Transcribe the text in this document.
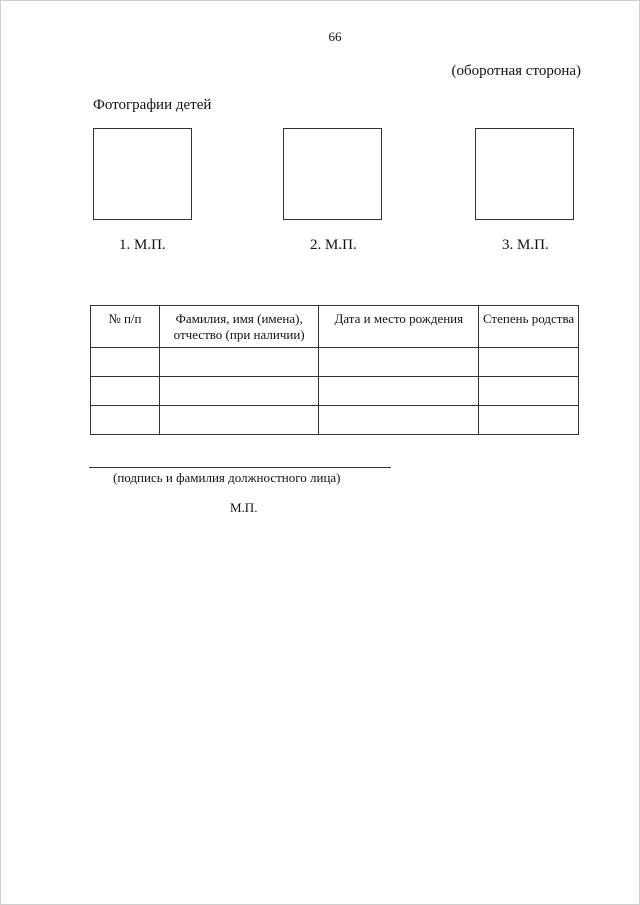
66
(оборотная сторона)
Фотографии детей
1. М.П.	2. М.П.	3. М.П.
№ п/п	Фамилия, имя (имена), отчество (при наличии)	Дата и место рождения	Степень родства

(подпись и фамилия должностного лица)
М.П.
